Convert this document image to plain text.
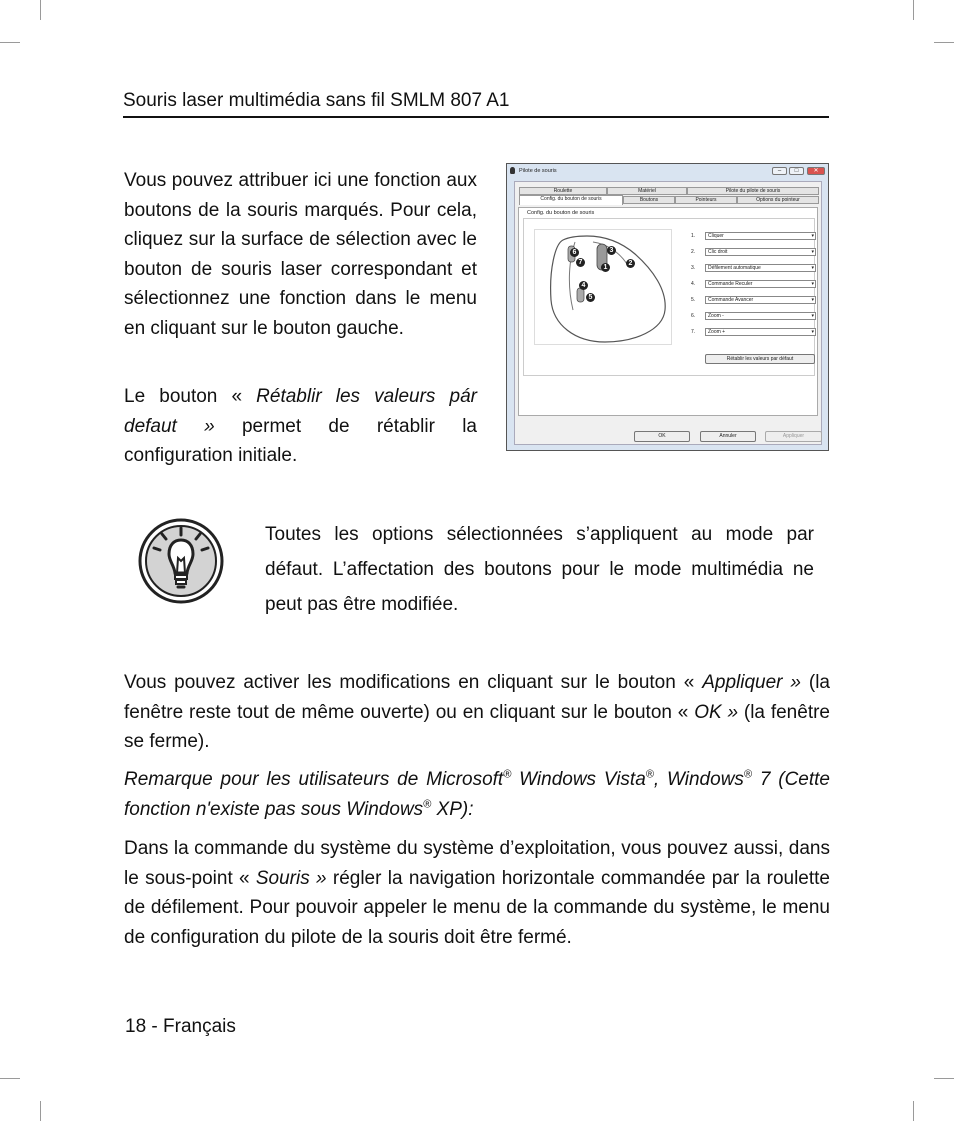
Souris laser multimédia sans fil SMLM 807 A1

Vous pouvez attribuer ici une fonction aux boutons de la souris marqués. Pour cela, cliquez sur la surface de sélection avec le bouton de souris laser correspondant et sélectionnez une fonction dans le menu en cliquant sur le bouton gauche.

Le bouton « Rétablir les valeurs pár defaut » permet de rétablir la configuration initiale.

Pilote de souris	–	□	✕
Roulette	Matériel	Pilote du pilote de souris
Config. du bouton de souris	Boutons	Pointeurs	Options du pointeur
Config. du bouton de souris
1
2
3
4
5
6
7
1.	Cliquer	▾
2.	Clic droit	▾
3.	Défilement automatique	▾
4.	Commande Reculer	▾
5.	Commande Avancer	▾
6.	Zoom -	▾
7.	Zoom +	▾
Rétablir les valeurs par défaut
OK	Annuler	Appliquer

Toutes les options sélectionnées s’appliquent au mode par défaut. L’affectation des boutons pour le mode multimédia ne peut pas être modifiée.

Vous pouvez activer les modifications en cliquant sur le bouton « Appliquer » (la fenêtre reste tout de même ouverte) ou en cliquant sur le bouton « OK » (la fenêtre se ferme).

Remarque pour les utilisateurs de Microsoft® Windows Vista®, Windows® 7 (Cette fonction n'existe pas sous Windows® XP):

Dans la commande du système du système d’exploitation, vous pouvez aussi, dans le sous-point « Souris » régler la navigation horizontale commandée par la roulette de défilement. Pour pouvoir appeler le menu de la commande du système, le menu de configuration du pilote de la souris doit être fermé.

18 - Français
